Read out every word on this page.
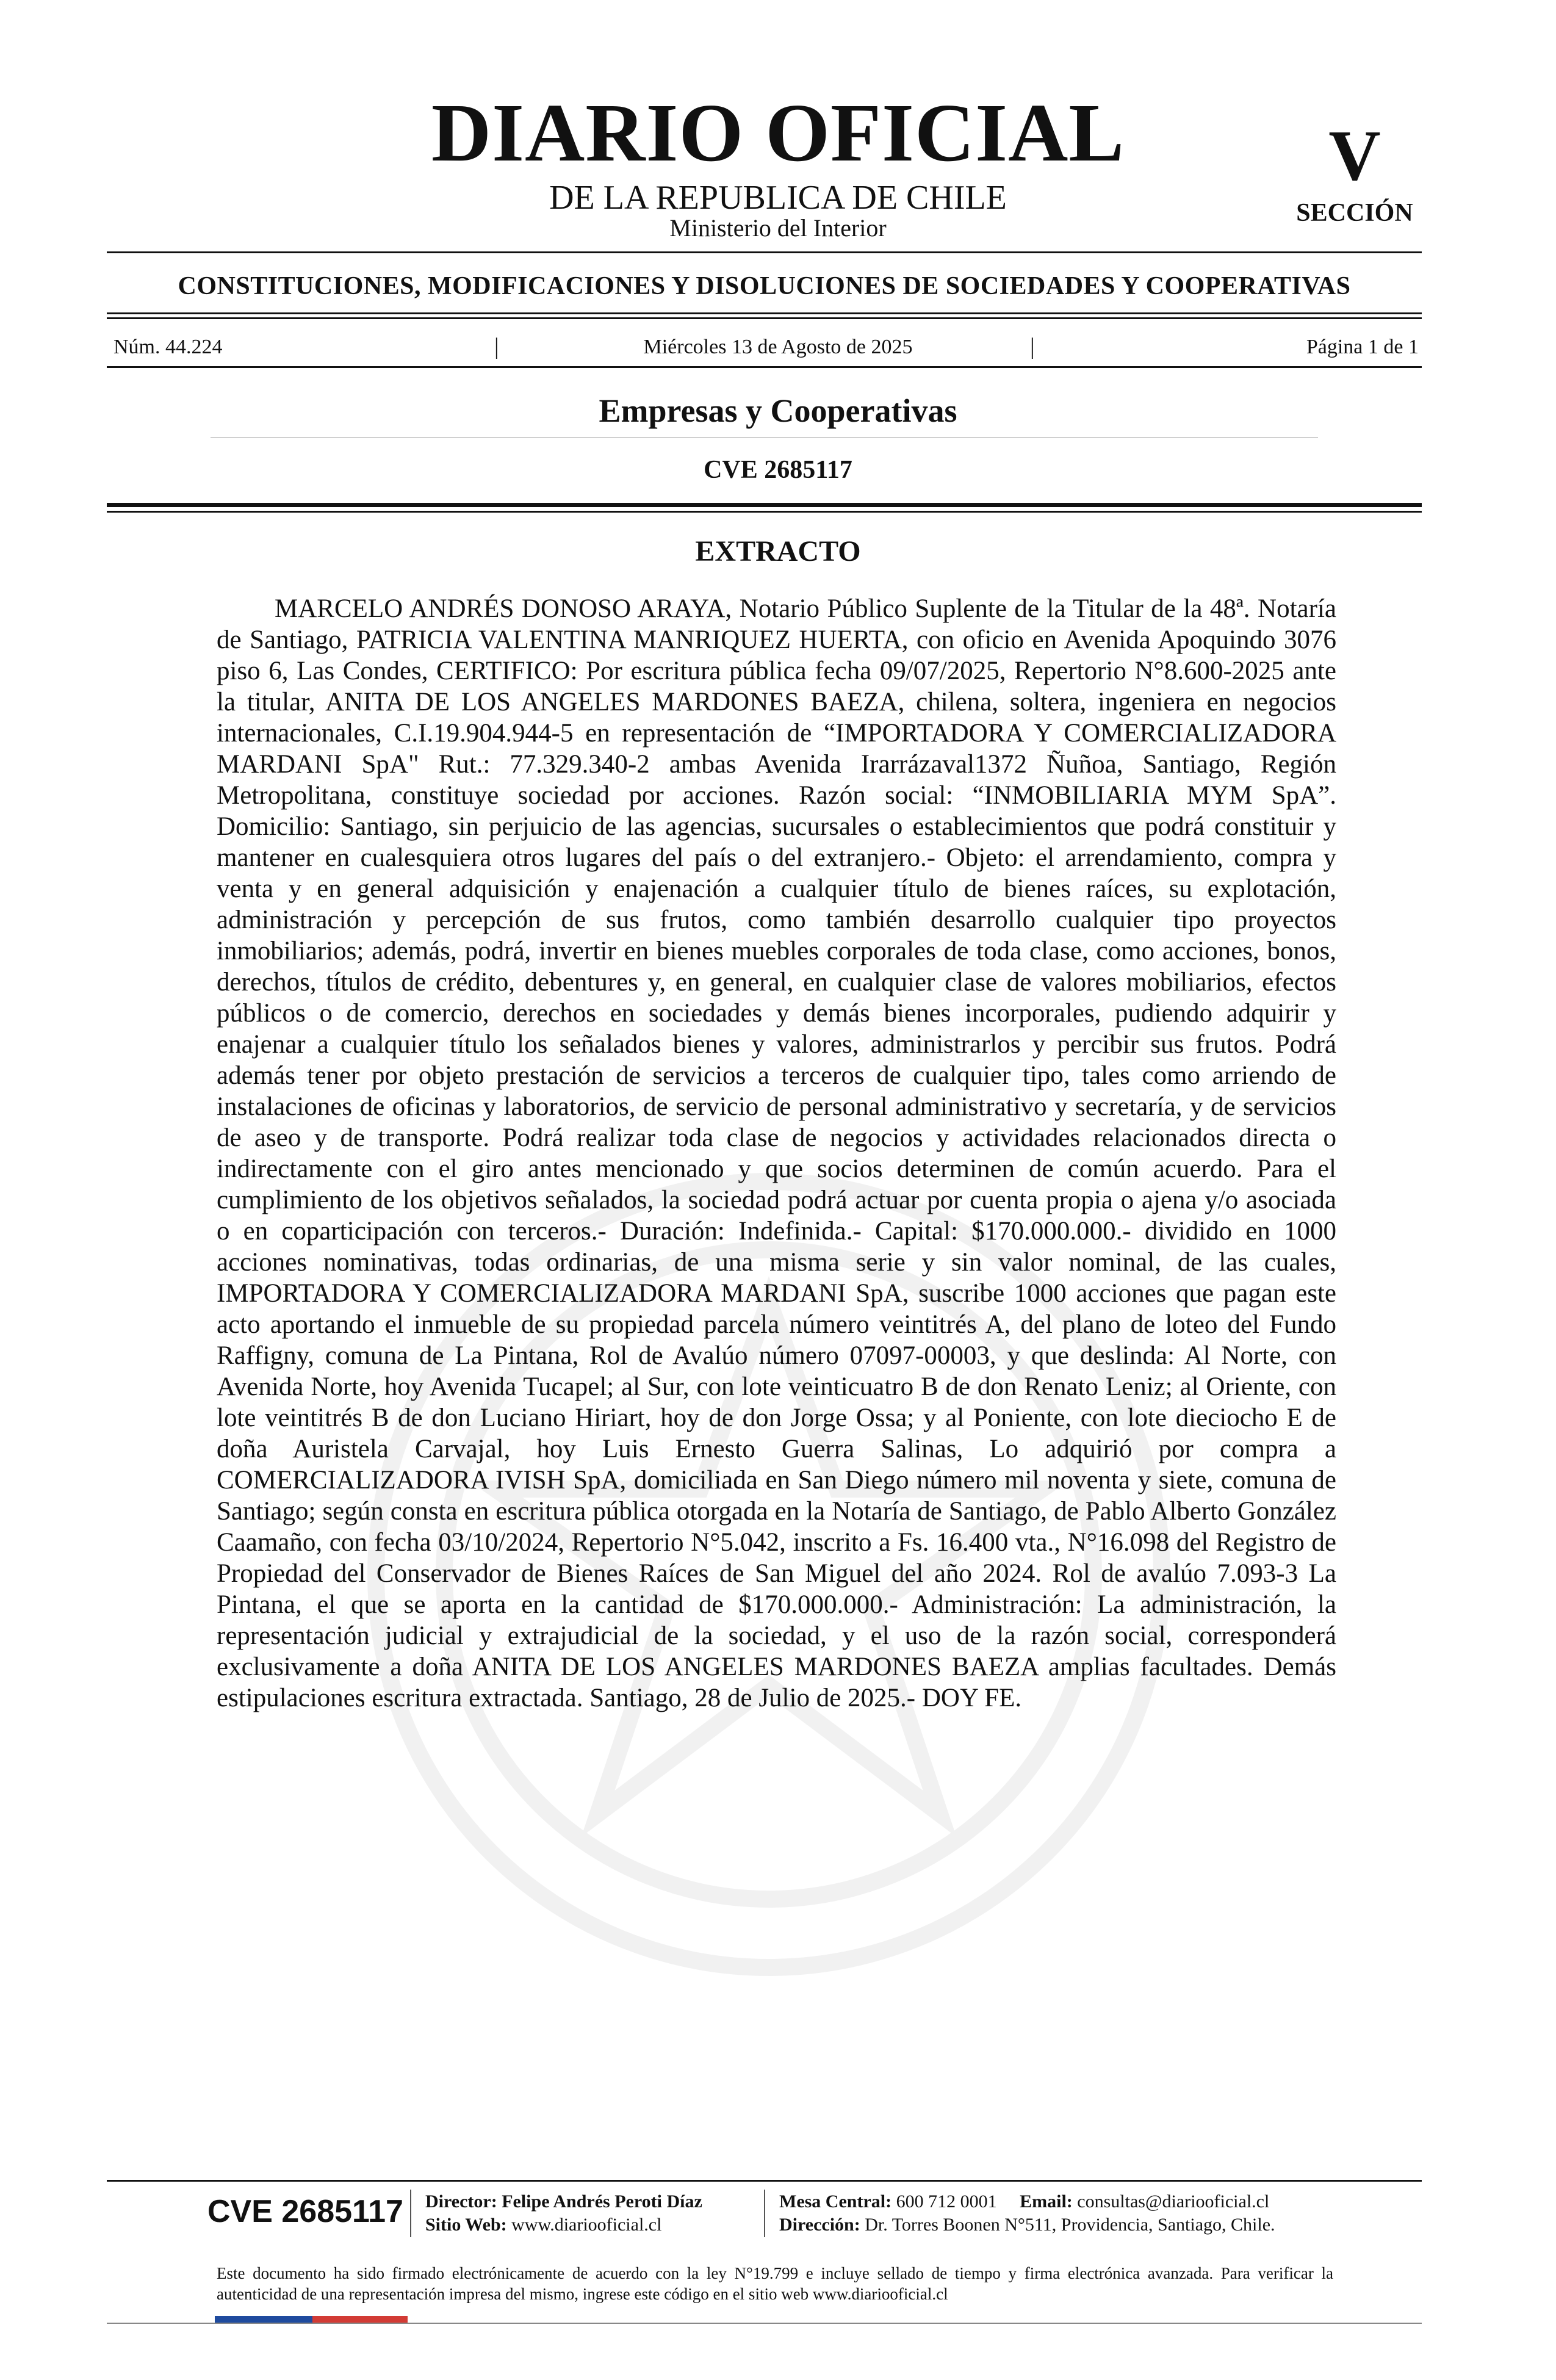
DIARIO OFICIAL
DE LA REPUBLICA DE CHILE
Ministerio del Interior
V
SECCIÓN
CONSTITUCIONES, MODIFICACIONES Y DISOLUCIONES DE SOCIEDADES Y COOPERATIVAS
Núm. 44.224	|	Miércoles 13 de Agosto de 2025	|	Página 1 de 1
Empresas y Cooperativas
CVE 2685117
EXTRACTO
MARCELO ANDRÉS DONOSO ARAYA, Notario Público Suplente de la Titular de la 48ª. Notaría de Santiago, PATRICIA VALENTINA MANRIQUEZ HUERTA, con oficio en Avenida Apoquindo 3076 piso 6, Las Condes, CERTIFICO: Por escritura pública fecha 09/07/2025, Repertorio N°8.600-2025 ante la titular, ANITA DE LOS ANGELES MARDONES BAEZA, chilena, soltera, ingeniera en negocios internacionales, C.I.19.904.944-5 en representación de “IMPORTADORA Y COMERCIALIZADORA MARDANI SpA" Rut.: 77.329.340-2 ambas Avenida Irarrázaval1372 Ñuñoa, Santiago, Región Metropolitana, constituye sociedad por acciones. Razón social: “INMOBILIARIA MYM SpA”. Domicilio: Santiago, sin perjuicio de las agencias, sucursales o establecimientos que podrá constituir y mantener en cualesquiera otros lugares del país o del extranjero.- Objeto: el arrendamiento, compra y venta y en general adquisición y enajenación a cualquier título de bienes raíces, su explotación, administración y percepción de sus frutos, como también desarrollo cualquier tipo proyectos inmobiliarios; además, podrá, invertir en bienes muebles corporales de toda clase, como acciones, bonos, derechos, títulos de crédito, debentures y, en general, en cualquier clase de valores mobiliarios, efectos públicos o de comercio, derechos en sociedades y demás bienes incorporales, pudiendo adquirir y enajenar a cualquier título los señalados bienes y valores, administrarlos y percibir sus frutos. Podrá además tener por objeto prestación de servicios a terceros de cualquier tipo, tales como arriendo de instalaciones de oficinas y laboratorios, de servicio de personal administrativo y secretaría, y de servicios de aseo y de transporte. Podrá realizar toda clase de negocios y actividades relacionados directa o indirectamente con el giro antes mencionado y que socios determinen de común acuerdo. Para el cumplimiento de los objetivos señalados, la sociedad podrá actuar por cuenta propia o ajena y/o asociada o en coparticipación con terceros.- Duración: Indefinida.- Capital: $170.000.000.- dividido en 1000 acciones nominativas, todas ordinarias, de una misma serie y sin valor nominal, de las cuales, IMPORTADORA Y COMERCIALIZADORA MARDANI SpA, suscribe 1000 acciones que pagan este acto aportando el inmueble de su propiedad parcela número veintitrés A, del plano de loteo del Fundo Raffigny, comuna de La Pintana, Rol de Avalúo número 07097-00003, y que deslinda: Al Norte, con Avenida Norte, hoy Avenida Tucapel; al Sur, con lote veinticuatro B de don Renato Leniz; al Oriente, con lote veintitrés B de don Luciano Hiriart, hoy de don Jorge Ossa; y al Poniente, con lote dieciocho E de doña Auristela Carvajal, hoy Luis Ernesto Guerra Salinas, Lo adquirió por compra a COMERCIALIZADORA IVISH SpA, domiciliada en San Diego número mil noventa y siete, comuna de Santiago; según consta en escritura pública otorgada en la Notaría de Santiago, de Pablo Alberto González Caamaño, con fecha 03/10/2024, Repertorio N°5.042, inscrito a Fs. 16.400 vta., N°16.098 del Registro de Propiedad del Conservador de Bienes Raíces de San Miguel del año 2024. Rol de avalúo 7.093-3 La Pintana, el que se aporta en la cantidad de $170.000.000.- Administración: La administración, la representación judicial y extrajudicial de la sociedad, y el uso de la razón social, corresponderá exclusivamente a doña ANITA DE LOS ANGELES MARDONES BAEZA amplias facultades. Demás estipulaciones escritura extractada. Santiago, 28 de Julio de 2025.- DOY FE.
CVE 2685117 Director: Felipe Andrés Peroti Díaz
Sitio Web: www.diariooficial.cl
Mesa Central: 600 712 0001 Email: consultas@diariooficial.cl
Dirección: Dr. Torres Boonen N°511, Providencia, Santiago, Chile.
Este documento ha sido firmado electrónicamente de acuerdo con la ley N°19.799 e incluye sellado de tiempo y firma electrónica avanzada. Para verificar la autenticidad de una representación impresa del mismo, ingrese este código en el sitio web www.diariooficial.cl
